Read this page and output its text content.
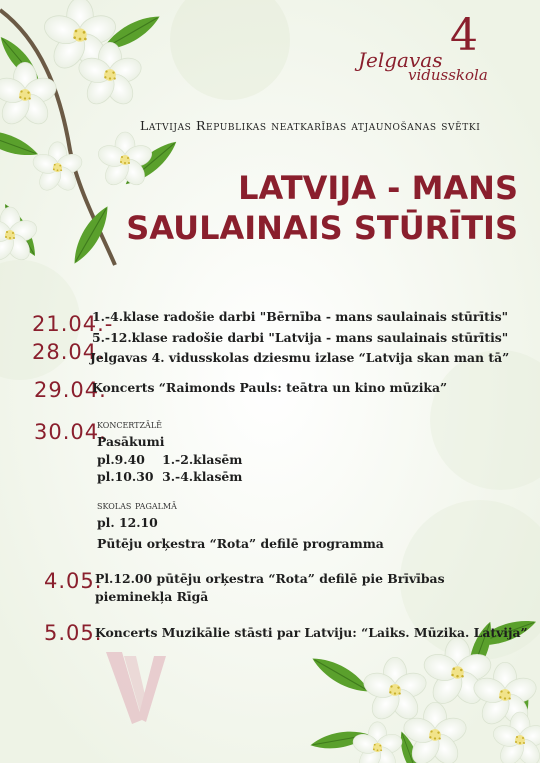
Jelgavas 4
vidusskola
Latvijas Republikas neatkarības atjaunošanas svētki
LATVIJA - MANS
SAULAINAIS STŪRĪTIS
21.04.-
28.04.
1.-4.klase radošie darbi "Bērnība - mans saulainais stūrītis"
5.-12.klase radošie darbi "Latvija - mans saulainais stūrītis"
Jelgavas 4. vidusskolas dziesmu izlase “Latvija skan man tā”
29.04.
Koncerts “Raimonds Pauls: teātra un kino mūzika”
30.04.
koncertzālē
Pasākumi
pl.9.40    1.-2.klasēm
pl.10.30  3.-4.klasēm
skolas pagalmā
pl. 12.10
Pūtēju orķestra “Rota” defilē programma
4.05.
Pl.12.00 pūtēju orķestra “Rota” defilē pie Brīvības
pieminekļa Rīgā
5.05.
Koncerts Muzikālie stāsti par Latviju: “Laiks. Mūzika. Latvija”
